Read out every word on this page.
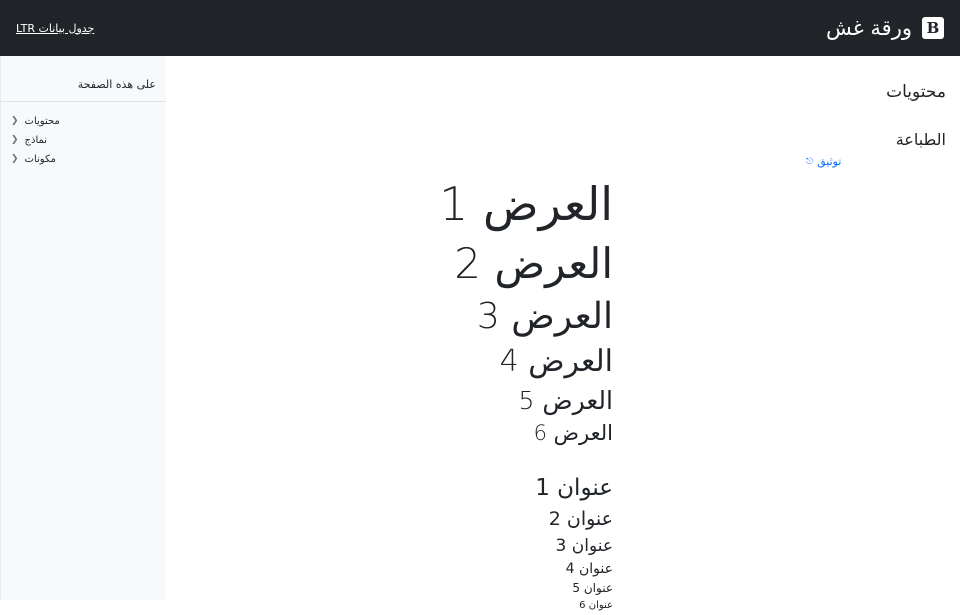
ورقة غش B
جدول بيانات LTR
محتويات
الطباعة
⎋ توثيق
العرض 1
العرض 2
العرض 3
العرض 4
العرض 5
العرض 6
عنوان 1
عنوان 2
عنوان 3
عنوان 4
عنوان 5
عنوان 6
على هذه الصفحة
❯ محتويات
❯ نماذج
❯ مكونات
